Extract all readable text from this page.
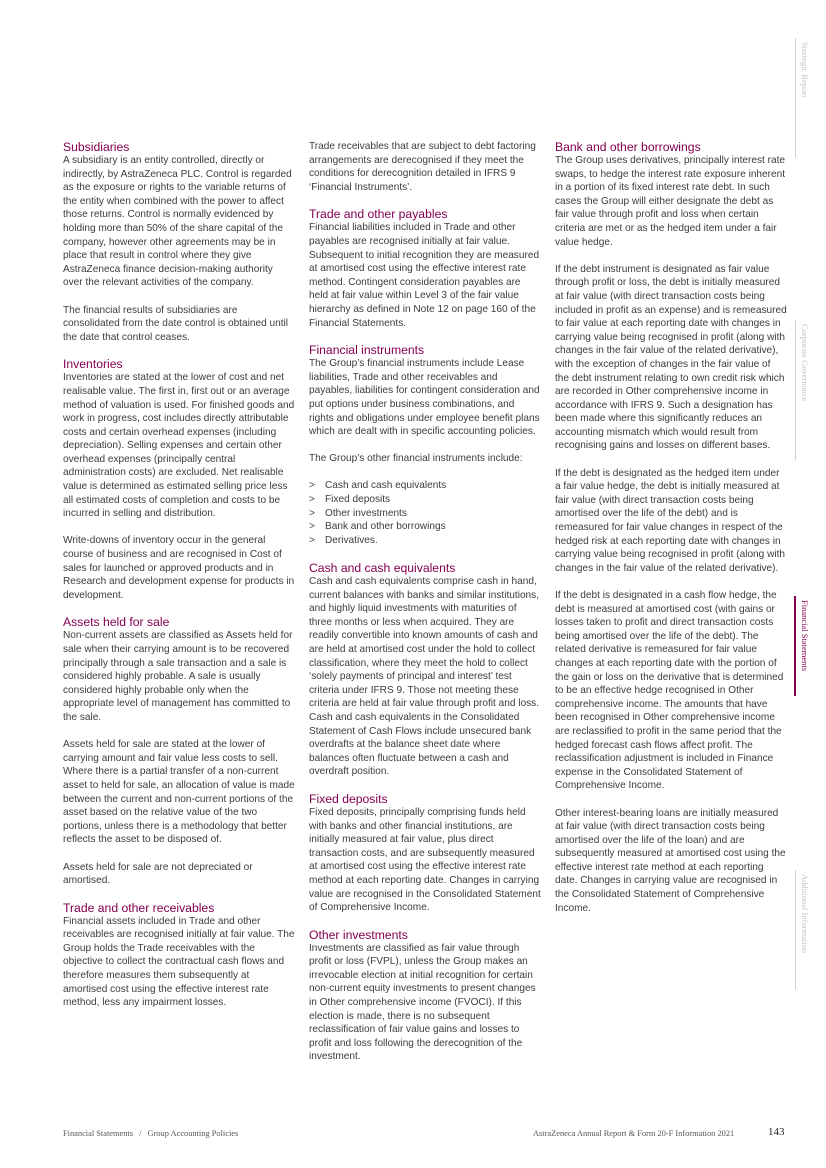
Strategic Report
Corporate Governance
Financial Statements
Additional Information
Subsidiaries

A subsidiary is an entity controlled, directly or indirectly, by AstraZeneca PLC. Control is regarded as the exposure or rights to the variable returns of the entity when combined with the power to affect those returns. Control is normally evidenced by holding more than 50% of the share capital of the company, however other agreements may be in place that result in control where they give AstraZeneca finance decision-making authority over the relevant activities of the company.

The financial results of subsidiaries are consolidated from the date control is obtained until the date that control ceases.

Inventories

Inventories are stated at the lower of cost and net realisable value. The first in, first out or an average method of valuation is used. For finished goods and work in progress, cost includes directly attributable costs and certain overhead expenses (including depreciation). Selling expenses and certain other overhead expenses (principally central administration costs) are excluded. Net realisable value is determined as estimated selling price less all estimated costs of completion and costs to be incurred in selling and distribution.

Write-downs of inventory occur in the general course of business and are recognised in Cost of sales for launched or approved products and in Research and development expense for products in development.

Assets held for sale

Non-current assets are classified as Assets held for sale when their carrying amount is to be recovered principally through a sale transaction and a sale is considered highly probable. A sale is usually considered highly probable only when the appropriate level of management has committed to the sale.

Assets held for sale are stated at the lower of carrying amount and fair value less costs to sell. Where there is a partial transfer of a non-current asset to held for sale, an allocation of value is made between the current and non-current portions of the asset based on the relative value of the two portions, unless there is a methodology that better reflects the asset to be disposed of.

Assets held for sale are not depreciated or amortised.

Trade and other receivables

Financial assets included in Trade and other receivables are recognised initially at fair value. The Group holds the Trade receivables with the objective to collect the contractual cash flows and therefore measures them subsequently at amortised cost using the effective interest rate method, less any impairment losses.

Trade receivables that are subject to debt factoring arrangements are derecognised if they meet the conditions for derecognition detailed in IFRS 9 ‘Financial Instruments’.

Trade and other payables

Financial liabilities included in Trade and other payables are recognised initially at fair value. Subsequent to initial recognition they are measured at amortised cost using the effective interest rate method. Contingent consideration payables are held at fair value within Level 3 of the fair value hierarchy as defined in Note 12 on page 160 of the Financial Statements.

Financial instruments

The Group’s financial instruments include Lease liabilities, Trade and other receivables and payables, liabilities for contingent consideration and put options under business combinations, and rights and obligations under employee benefit plans which are dealt with in specific accounting policies.

The Group’s other financial instruments include:

> Cash and cash equivalents
> Fixed deposits
> Other investments
> Bank and other borrowings
> Derivatives.
Cash and cash equivalents

Cash and cash equivalents comprise cash in hand, current balances with banks and similar institutions, and highly liquid investments with maturities of three months or less when acquired. They are readily convertible into known amounts of cash and are held at amortised cost under the hold to collect classification, where they meet the hold to collect ‘solely payments of principal and interest’ test criteria under IFRS 9. Those not meeting these criteria are held at fair value through profit and loss. Cash and cash equivalents in the Consolidated Statement of Cash Flows include unsecured bank overdrafts at the balance sheet date where balances often fluctuate between a cash and overdraft position.

Fixed deposits

Fixed deposits, principally comprising funds held with banks and other financial institutions, are initially measured at fair value, plus direct transaction costs, and are subsequently measured at amortised cost using the effective interest rate method at each reporting date. Changes in carrying value are recognised in the Consolidated Statement of Comprehensive Income.

Other investments

Investments are classified as fair value through profit or loss (FVPL), unless the Group makes an irrevocable election at initial recognition for certain non-current equity investments to present changes in Other comprehensive income (FVOCI). If this election is made, there is no subsequent reclassification of fair value gains and losses to profit and loss following the derecognition of the investment.

Bank and other borrowings

The Group uses derivatives, principally interest rate swaps, to hedge the interest rate exposure inherent in a portion of its fixed interest rate debt. In such cases the Group will either designate the debt as fair value through profit and loss when certain criteria are met or as the hedged item under a fair value hedge.

If the debt instrument is designated as fair value through profit or loss, the debt is initially measured at fair value (with direct transaction costs being included in profit as an expense) and is remeasured to fair value at each reporting date with changes in carrying value being recognised in profit (along with changes in the fair value of the related derivative), with the exception of changes in the fair value of the debt instrument relating to own credit risk which are recorded in Other comprehensive income in accordance with IFRS 9. Such a designation has been made where this significantly reduces an accounting mismatch which would result from recognising gains and losses on different bases.

If the debt is designated as the hedged item under a fair value hedge, the debt is initially measured at fair value (with direct transaction costs being amortised over the life of the debt) and is remeasured for fair value changes in respect of the hedged risk at each reporting date with changes in carrying value being recognised in profit (along with changes in the fair value of the related derivative).

If the debt is designated in a cash flow hedge, the debt is measured at amortised cost (with gains or losses taken to profit and direct transaction costs being amortised over the life of the debt). The related derivative is remeasured for fair value changes at each reporting date with the portion of the gain or loss on the derivative that is determined to be an effective hedge recognised in Other comprehensive income. The amounts that have been recognised in Other comprehensive income are reclassified to profit in the same period that the hedged forecast cash flows affect profit. The reclassification adjustment is included in Finance expense in the Consolidated Statement of Comprehensive Income.

Other interest-bearing loans are initially measured at fair value (with direct transaction costs being amortised over the life of the loan) and are subsequently measured at amortised cost using the effective interest rate method at each reporting date. Changes in carrying value are recognised in the Consolidated Statement of Comprehensive Income.

Financial Statements / Group Accounting Policies	AstraZeneca Annual Report & Form 20-F Information 2021	143
